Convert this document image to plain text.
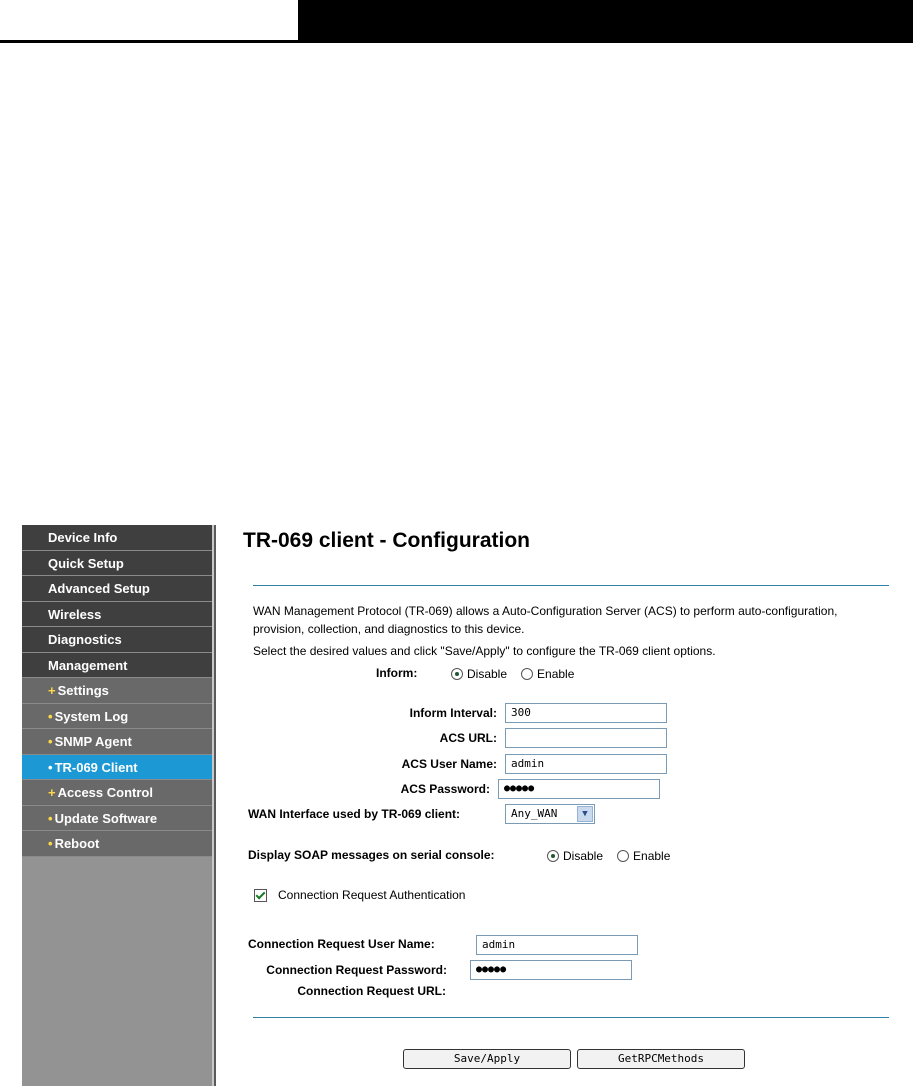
Device Info
Quick Setup
Advanced Setup
Wireless
Diagnostics
Management
+ Settings
• System Log
• SNMP Agent
• TR-069 Client
+ Access Control
• Update Software
• Reboot
TR-069 client - Configuration
WAN Management Protocol (TR-069) allows a Auto-Configuration Server (ACS) to perform auto-configuration,
provision, collection, and diagnostics to this device.
Select the desired values and click "Save/Apply" to configure the TR-069 client options.
Inform:	Disable	Enable
Inform Interval:	300
ACS URL:
ACS User Name:	admin
ACS Password:	●●●●●
WAN Interface used by TR-069 client:	Any_WAN	▼
Display SOAP messages on serial console:	Disable	Enable
Connection Request Authentication
Connection Request User Name:	admin
Connection Request Password:	●●●●●
Connection Request URL:
Save/Apply	GetRPCMethods
